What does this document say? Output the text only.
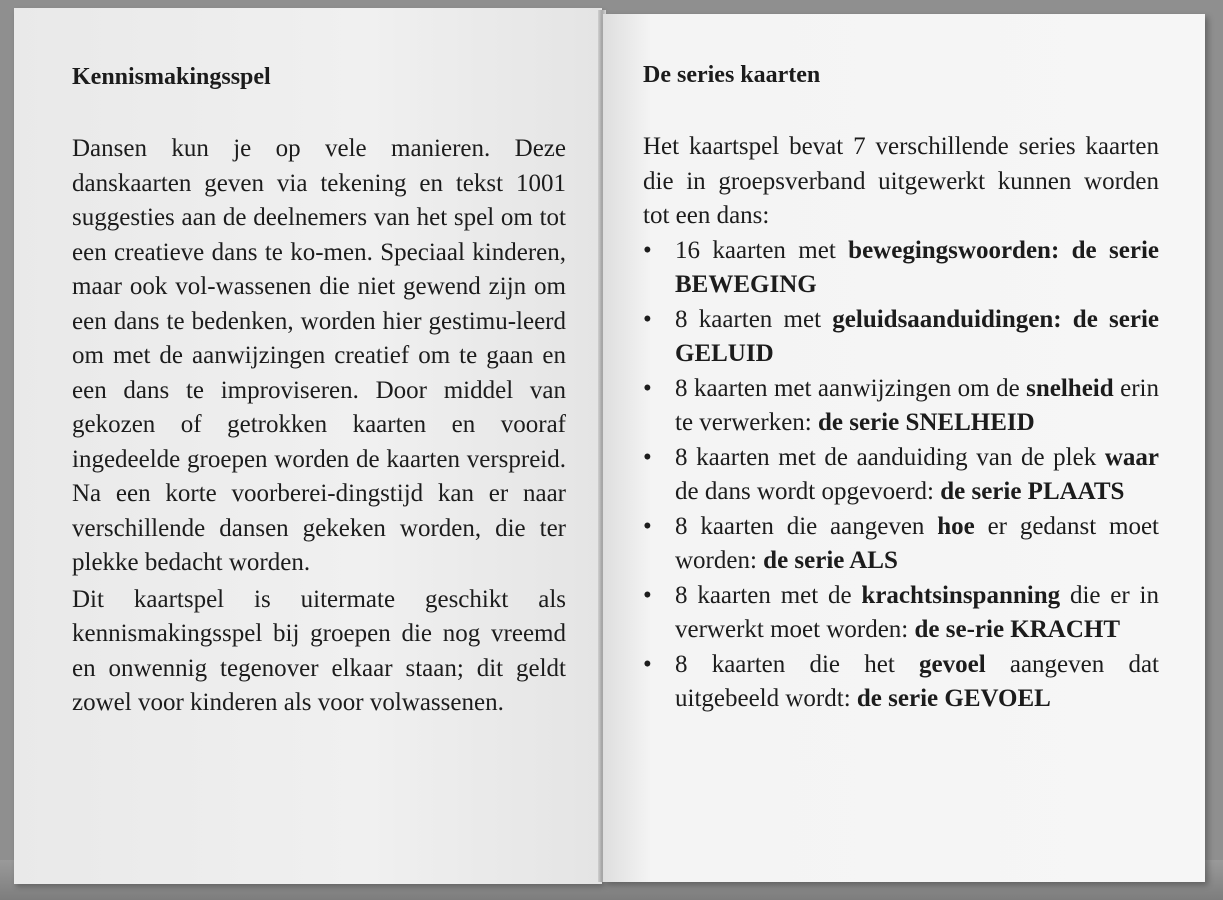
Kennismakingsspel

Dansen kun je op vele manieren. Deze danskaarten geven via tekening en tekst 1001 suggesties aan de deelnemers van het spel om tot een creatieve dans te ko-men. Speciaal kinderen, maar ook vol-wassenen die niet gewend zijn om een dans te bedenken, worden hier gestimu-leerd om met de aanwijzingen creatief om te gaan en een dans te improviseren. Door middel van gekozen of getrokken kaarten en vooraf ingedeelde groepen worden de kaarten verspreid. Na een korte voorberei-dingstijd kan er naar verschillende dansen gekeken worden, die ter plekke bedacht worden.

Dit kaartspel is uitermate geschikt als kennismakingsspel bij groepen die nog vreemd en onwennig tegenover elkaar staan; dit geldt zowel voor kinderen als voor volwassenen.

De series kaarten

Het kaartspel bevat 7 verschillende series kaarten die in groepsverband uitgewerkt kunnen worden tot een dans:

• 16 kaarten met bewegingswoorden: de serie BEWEGING
• 8 kaarten met geluidsaanduidingen: de serie GELUID
• 8 kaarten met aanwijzingen om de snelheid erin te verwerken: de serie SNELHEID
• 8 kaarten met de aanduiding van de plek waar de dans wordt opgevoerd: de serie PLAATS
• 8 kaarten die aangeven hoe er gedanst moet worden: de serie ALS
• 8 kaarten met de krachtsinspanning die er in verwerkt moet worden: de se-rie KRACHT
• 8 kaarten die het gevoel aangeven dat uitgebeeld wordt: de serie GEVOEL
